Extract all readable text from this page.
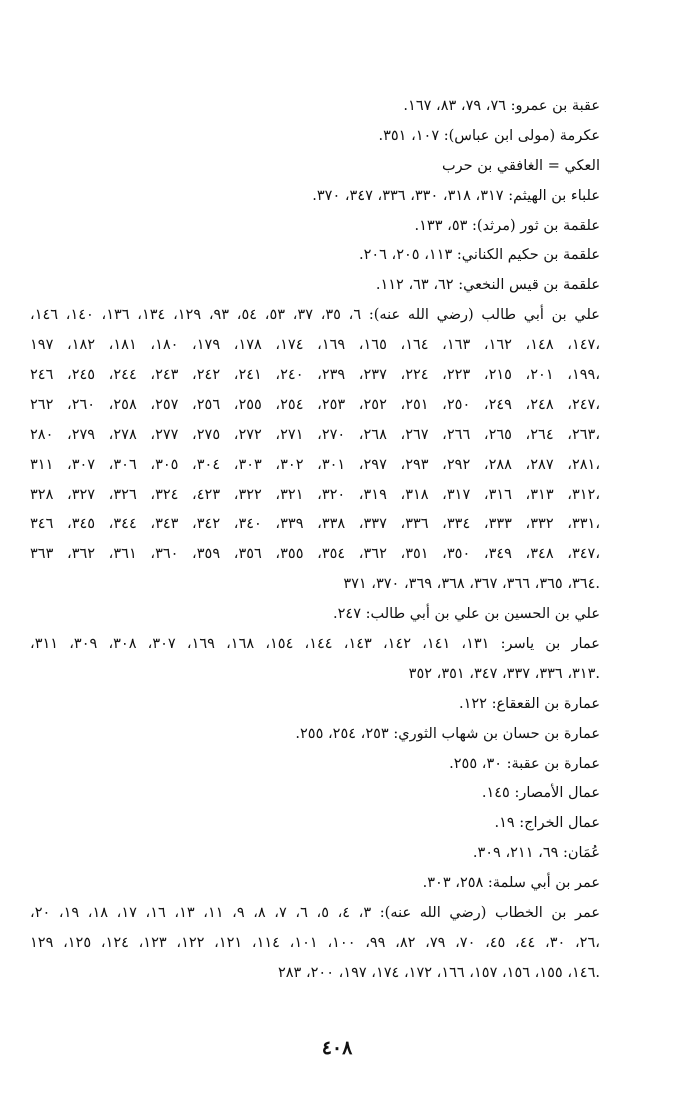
عقبة بن عمرو: ٧٦، ٧٩، ٨٣، ١٦٧.
عكرمة (مولى ابن عباس): ١٠٧، ٣٥١.
العكي = الغافقي بن حرب
علباء بن الهيثم: ٣١٧، ٣١٨، ٣٣٠، ٣٣٦، ٣٤٧، ٣٧٠.
علقمة بن ثور (مرثد): ٥٣، ١٣٣.
علقمة بن حكيم الكناني: ١١٣، ٢٠٥، ٢٠٦.
علقمة بن قيس النخعي: ٦٢، ٦٣، ١١٢.
علي بن أبي طالب (رضي الله عنه): ٦، ٣٥، ٣٧، ٥٣، ٥٤، ٩٣، ١٢٩، ١٣٤، ١٣٦، ١٤٠، ١٤٦،
١٤٧، ١٤٨، ١٦٢، ١٦٣، ١٦٤، ١٦٥، ١٦٩، ١٧٤، ١٧٨، ١٧٩، ١٨٠، ١٨١، ١٨٢، ١٩٧،
١٩٩، ٢٠١، ٢١٥، ٢٢٣، ٢٢٤، ٢٣٧، ٢٣٩، ٢٤٠، ٢٤١، ٢٤٢، ٢٤٣، ٢٤٤، ٢٤٥، ٢٤٦،
٢٤٧، ٢٤٨، ٢٤٩، ٢٥٠، ٢٥١، ٢٥٢، ٢٥٣، ٢٥٤، ٢٥٥، ٢٥٦، ٢٥٧، ٢٥٨، ٢٦٠، ٢٦٢،
٢٦٣، ٢٦٤، ٢٦٥، ٢٦٦، ٢٦٧، ٢٦٨، ٢٧٠، ٢٧١، ٢٧٢، ٢٧٥، ٢٧٧، ٢٧٨، ٢٧٩، ٢٨٠،
٢٨١، ٢٨٧، ٢٨٨، ٢٩٢، ٢٩٣، ٢٩٧، ٣٠١، ٣٠٢، ٣٠٣، ٣٠٤، ٣٠٥، ٣٠٦، ٣٠٧، ٣١١،
٣١٢، ٣١٣، ٣١٦، ٣١٧، ٣١٨، ٣١٩، ٣٢٠، ٣٢١، ٣٢٢، ٤٢٣، ٣٢٤، ٣٢٦، ٣٢٧، ٣٢٨،
٣٣١، ٣٣٢، ٣٣٣، ٣٣٤، ٣٣٦، ٣٣٧، ٣٣٨، ٣٣٩، ٣٤٠، ٣٤٢، ٣٤٣، ٣٤٤، ٣٤٥، ٣٤٦،
٣٤٧، ٣٤٨، ٣٤٩، ٣٥٠، ٣٥١، ٣٦٢، ٣٥٤، ٣٥٥، ٣٥٦، ٣٥٩، ٣٦٠، ٣٦١، ٣٦٢، ٣٦٣،
٣٦٤، ٣٦٥، ٣٦٦، ٣٦٧، ٣٦٨، ٣٦٩، ٣٧٠، ٣٧١.
علي بن الحسين بن علي بن أبي طالب: ٢٤٧.
عمار بن ياسر: ١٣١، ١٤١، ١٤٢، ١٤٣، ١٤٤، ١٥٤، ١٦٨، ١٦٩، ٣٠٧، ٣٠٨، ٣٠٩، ٣١١،
٣١٣، ٣٣٦، ٣٣٧، ٣٤٧، ٣٥١، ٣٥٢.
عمارة بن القعقاع: ١٢٢.
عمارة بن حسان بن شهاب الثوري: ٢٥٣، ٢٥٤، ٢٥٥.
عمارة بن عقبة: ٣٠، ٢٥٥.
عمال الأمصار: ١٤٥.
عمال الخراج: ١٩.
عُمَان: ٦٩، ٢١١، ٣٠٩.
عمر بن أبي سلمة: ٢٥٨، ٣٠٣.
عمر بن الخطاب (رضي الله عنه): ٣، ٤، ٥، ٦، ٧، ٨، ٩، ١١، ١٣، ١٦، ١٧، ١٨، ١٩، ٢٠،
٢٦، ٣٠، ٤٤، ٤٥، ٧٠، ٧٩، ٨٢، ٩٩، ١٠٠، ١٠١، ١١٤، ١٢١، ١٢٢، ١٢٣، ١٢٤، ١٢٥، ١٢٩،
١٤٦، ١٥٥، ١٥٦، ١٥٧، ١٦٦، ١٧٢، ١٧٤، ١٩٧، ٢٠٠، ٢٨٣.
٤٠٨
